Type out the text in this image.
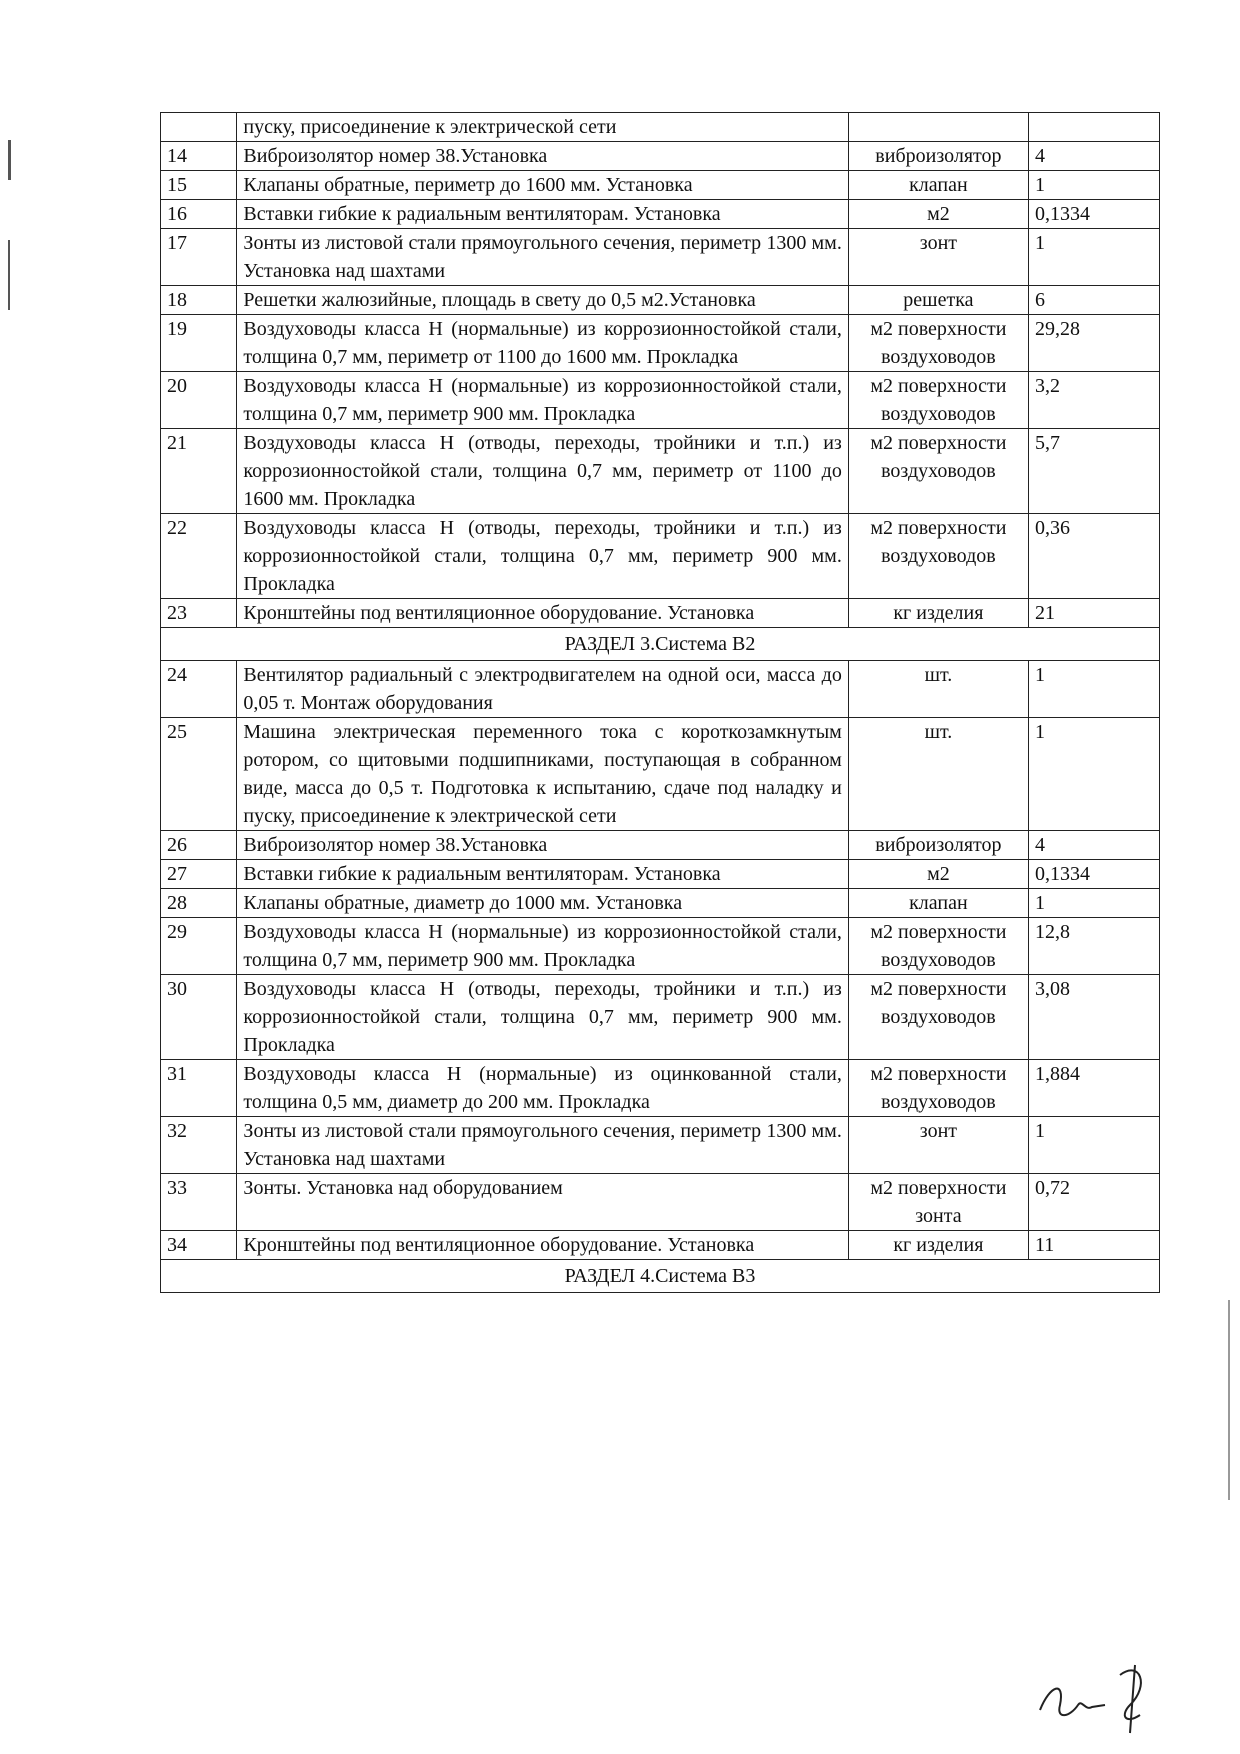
	пуску, присоединение к электрической сети		
14	Виброизолятор номер 38.Установка	виброизолятор	4
15	Клапаны обратные, периметр до 1600 мм. Установка	клапан	1
16	Вставки гибкие к радиальным вентиляторам. Установка	м2	0,1334
17	Зонты из листовой стали прямоугольного сечения, периметр 1300 мм. Установка над шахтами	зонт	1
18	Решетки жалюзийные, площадь в свету до 0,5 м2.Установка	решетка	6
19	Воздуховоды класса Н (нормальные) из коррозионностойкой стали, толщина 0,7 мм, периметр от 1100 до 1600 мм. Прокладка	м2 поверхности воздуховодов	29,28
20	Воздуховоды класса Н (нормальные) из коррозионностойкой стали, толщина 0,7 мм, периметр 900 мм. Прокладка	м2 поверхности воздуховодов	3,2
21	Воздуховоды класса Н (отводы, переходы, тройники и т.п.) из коррозионностойкой стали, толщина 0,7 мм, периметр от 1100 до 1600 мм. Прокладка	м2 поверхности воздуховодов	5,7
22	Воздуховоды класса Н (отводы, переходы, тройники и т.п.) из коррозионностойкой стали, толщина 0,7 мм, периметр 900 мм. Прокладка	м2 поверхности воздуховодов	0,36
23	Кронштейны под вентиляционное оборудование. Установка	кг изделия	21
РАЗДЕЛ 3.Система В2			
24	Вентилятор радиальный с электродвигателем на одной оси, масса до 0,05 т. Монтаж оборудования	шт.	1
25	Машина электрическая переменного тока с короткозамкнутым ротором, со щитовыми подшипниками, поступающая в собранном виде, масса до 0,5 т. Подготовка к испытанию, сдаче под наладку и пуску, присоединение к электрической сети	шт.	1
26	Виброизолятор номер 38.Установка	виброизолятор	4
27	Вставки гибкие к радиальным вентиляторам. Установка	м2	0,1334
28	Клапаны обратные, диаметр до 1000 мм. Установка	клапан	1
29	Воздуховоды класса Н (нормальные) из коррозионностойкой стали, толщина 0,7 мм, периметр 900 мм. Прокладка	м2 поверхности воздуховодов	12,8
30	Воздуховоды класса Н (отводы, переходы, тройники и т.п.) из коррозионностойкой стали, толщина 0,7 мм, периметр 900 мм. Прокладка	м2 поверхности воздуховодов	3,08
31	Воздуховоды класса Н (нормальные) из оцинкованной стали, толщина 0,5 мм, диаметр до 200 мм. Прокладка	м2 поверхности воздуховодов	1,884
32	Зонты из листовой стали прямоугольного сечения, периметр 1300 мм. Установка над шахтами	зонт	1
33	Зонты. Установка над оборудованием	м2 поверхности зонта	0,72
34	Кронштейны под вентиляционное оборудование. Установка	кг изделия	11
РАЗДЕЛ 4.Система В3			
